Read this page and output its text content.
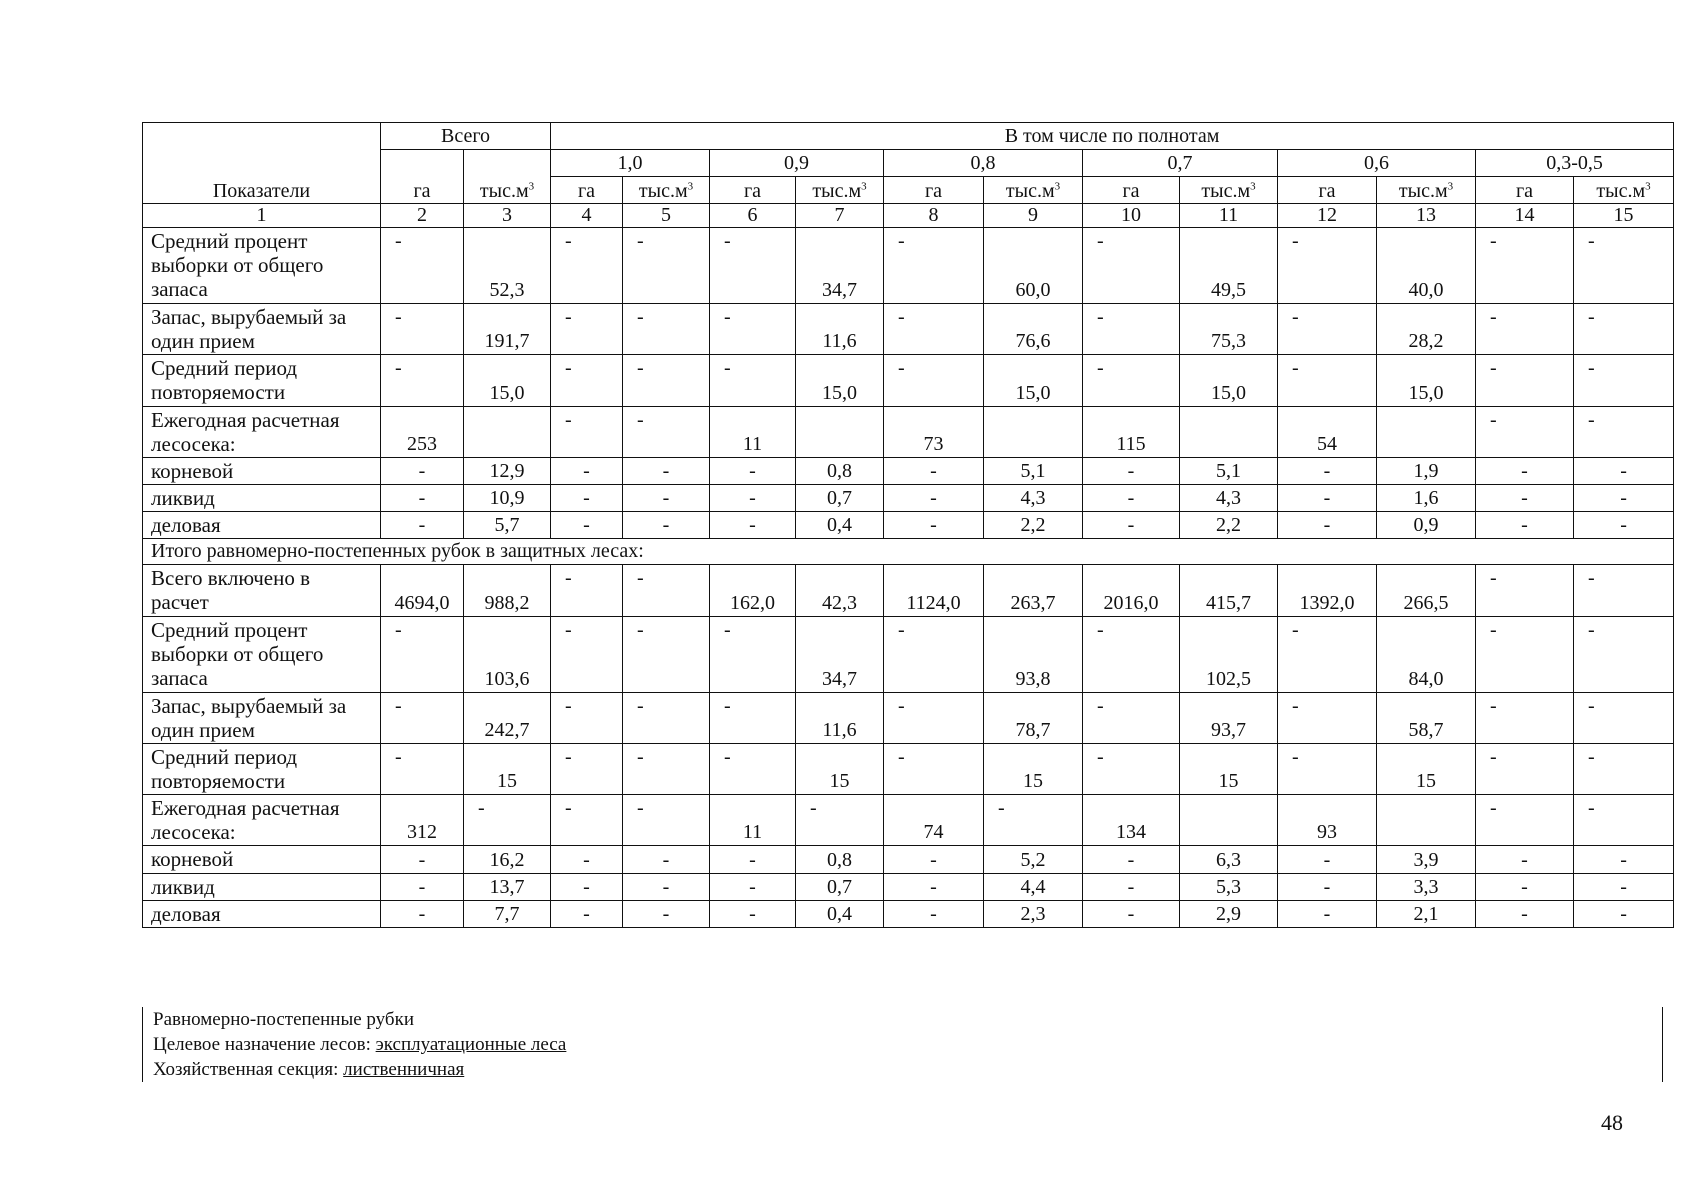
Показатели	Всего		В том числе по полнотам											
	га	$тыс.м^3$	1,0		0,9		0,8		0,7		0,6		0,3-0,5	
			га	$тыс.м^3$	га	$тыс.м^3$	га	$тыс.м^3$	га	$тыс.м^3$	га	$тыс.м^3$	га	$тыс.м^3$
1	2	3	4	5	6	7	8	9	10	11	12	13	14	15
Средний процент выборки от общего запаса	-	52,3	-	-	-	34,7	-	60,0	-	49,5	-	40,0	-	-

Запас, вырубаемый за один прием	-	191,7	-	-	-	11,6	-	76,6	-	75,3	-	28,2	-	-

Средний период повторяемости	-	15,0	-	-	-	15,0	-	15,0	-	15,0	-	15,0	-	-

Ежегодная расчетная лесосека:	253		-	-	11		73		115		54		-	-

корневой	-	12,9	-	-	-	0,8	-	5,1	-	5,1	-	1,9	-	-
ликвид	-	10,9	-	-	-	0,7	-	4,3	-	4,3	-	1,6	-	-
деловая	-	5,7	-	-	-	0,4	-	2,2	-	2,2	-	0,9	-	-
Итого равномерно-постепенных рубок в защитных лесах:														
Всего включено в расчет	4694,0	988,2	-	-	162,0	42,3	1124,0	263,7	2016,0	415,7	1392,0	266,5	-	-

Средний процент выборки от общего запаса	-	103,6	-	-	-	34,7	-	93,8	-	102,5	-	84,0	-	-

Запас, вырубаемый за один прием	-	242,7	-	-	-	11,6	-	78,7	-	93,7	-	58,7	-	-

Средний период повторяемости	-	15	-	-	-	15	-	15	-	15	-	15	-	-

Ежегодная расчетная лесосека:	312	-	-	-	11	-	74	-	134		93		-	-

корневой	-	16,2	-	-	-	0,8	-	5,2	-	6,3	-	3,9	-	-
ликвид	-	13,7	-	-	-	0,7	-	4,4	-	5,3	-	3,3	-	-
деловая	-	7,7	-	-	-	0,4	-	2,3	-	2,9	-	2,1	-	-
Равномерно-постепенные рубки
Целевое назначение лесов: эксплуатационные леса
Хозяйственная секция: лиственничная
48
